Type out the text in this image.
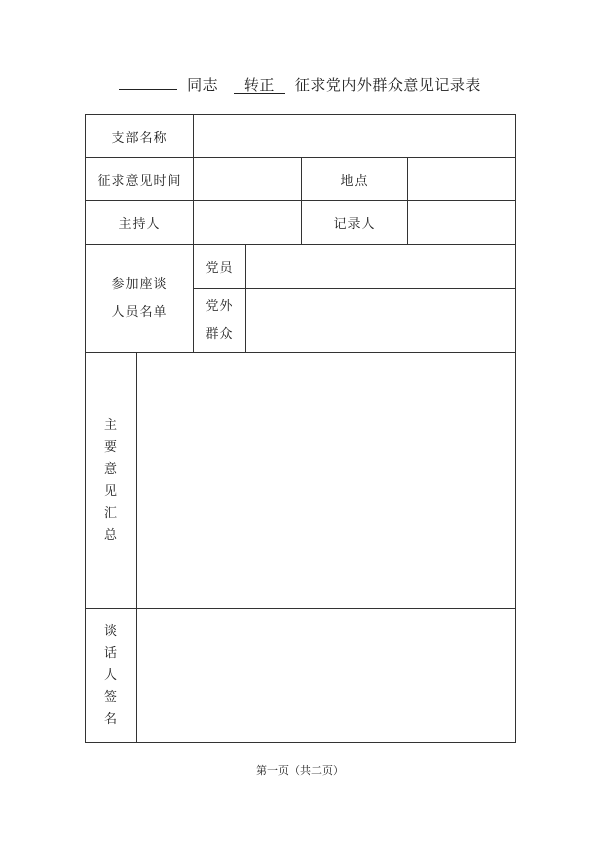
同志 转正 征求党内外群众意见记录表
支部名称
征求意见时间	地点
主持人	记录人
参加座谈
人员名单
党员
党外
群众
主
要
意
见
汇
总
谈
话
人
签
名
第一页（共二页）
